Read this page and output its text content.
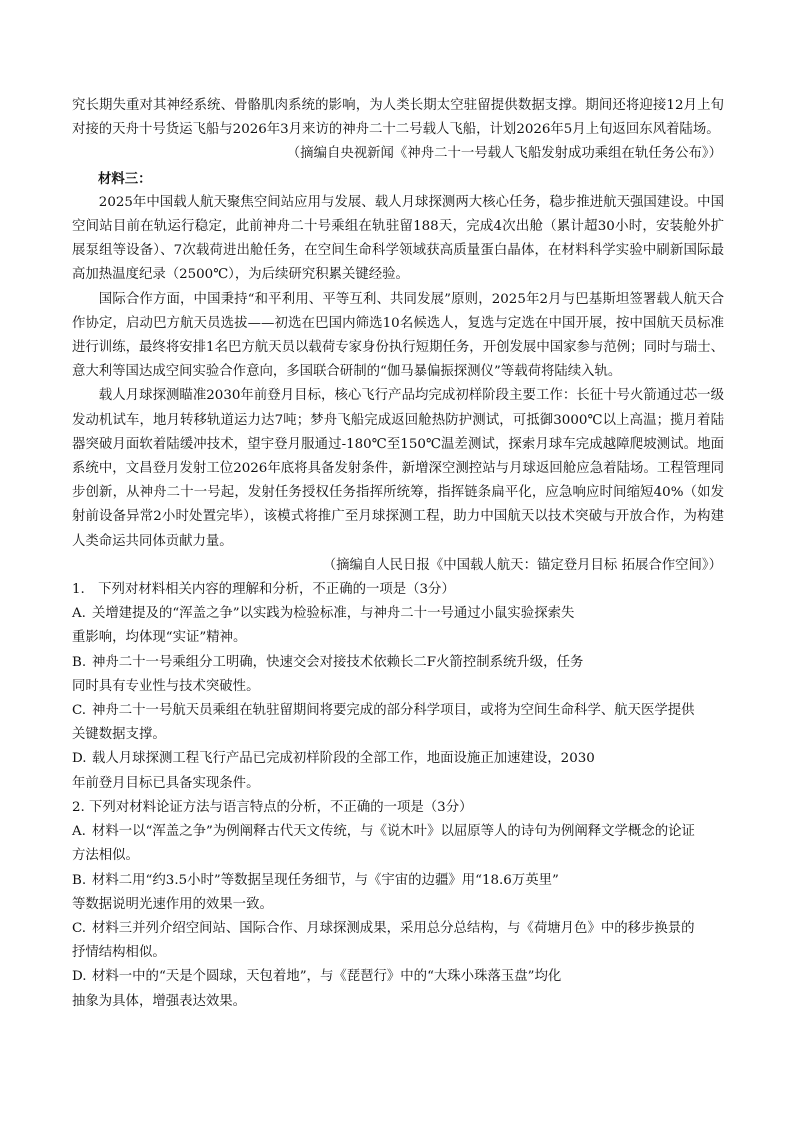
究长期失重对其神经系统、骨骼肌肉系统的影响，为人类长期太空驻留提供数据支撑。期间还将迎接12月上旬对接的天舟十号货运飞船与2026年3月来访的神舟二十二号载人飞船，计划2026年5月上旬返回东风着陆场。

（摘编自央视新闻《神舟二十一号载人飞船发射成功乘组在轨任务公布》）

材料三：

2025年中国载人航天聚焦空间站应用与发展、载人月球探测两大核心任务，稳步推进航天强国建设。中国空间站目前在轨运行稳定，此前神舟二十号乘组在轨驻留188天，完成4次出舱（累计超30小时，安装舱外扩展泵组等设备）、7次载荷进出舱任务，在空间生命科学领域获高质量蛋白晶体，在材料科学实验中刷新国际最高加热温度纪录（2500℃），为后续研究积累关键经验。

国际合作方面，中国秉持“和平利用、平等互利、共同发展”原则，2025年2月与巴基斯坦签署载人航天合作协定，启动巴方航天员选拔——初选在巴国内筛选10名候选人，复选与定选在中国开展，按中国航天员标准进行训练，最终将安排1名巴方航天员以载荷专家身份执行短期任务，开创发展中国家参与范例；同时与瑞士、意大利等国达成空间实验合作意向，多国联合研制的“伽马暴偏振探测仪”等载荷将陆续入轨。

载人月球探测瞄准2030年前登月目标，核心飞行产品均完成初样阶段主要工作：长征十号火箭通过芯一级发动机试车，地月转移轨道运力达7吨；梦舟飞船完成返回舱热防护测试，可抵御3000℃以上高温；揽月着陆器突破月面软着陆缓冲技术，望宇登月服通过-180℃至150℃温差测试，探索月球车完成越障爬坡测试。地面系统中，文昌登月发射工位2026年底将具备发射条件，新增深空测控站与月球返回舱应急着陆场。工程管理同步创新，从神舟二十一号起，发射任务授权任务指挥所统筹，指挥链条扁平化，应急响应时间缩短40%（如发射前设备异常2小时处置完毕），该模式将推广至月球探测工程，助力中国航天以技术突破与开放合作，为构建人类命运共同体贡献力量。

（摘编自人民日报《中国载人航天：锚定登月目标 拓展合作空间》）

1.　下列对材料相关内容的理解和分析，不正确的一项是（3分）

A. 关增建提及的“浑盖之争”以实践为检验标准，与神舟二十一号通过小鼠实验探索失
重影响，均体现“实证”精神。

B. 神舟二十一号乘组分工明确，快速交会对接技术依赖长二F火箭控制系统升级，任务
同时具有专业性与技术突破性。

C. 神舟二十一号航天员乘组在轨驻留期间将要完成的部分科学项目，或将为空间生命科学、航天医学提供
关键数据支撑。

D. 载人月球探测工程飞行产品已完成初样阶段的全部工作，地面设施正加速建设，2030
年前登月目标已具备实现条件。

2. 下列对材料论证方法与语言特点的分析，不正确的一项是（3分）

A. 材料一以“浑盖之争”为例阐释古代天文传统，与《说木叶》以屈原等人的诗句为例阐释文学概念的论证
方法相似。

B. 材料二用“约3.5小时”等数据呈现任务细节，与《宇宙的边疆》用“18.6万英里”
等数据说明光速作用的效果一致。

C. 材料三并列介绍空间站、国际合作、月球探测成果，采用总分总结构，与《荷塘月色》中的移步换景的
抒情结构相似。

D. 材料一中的“天是个圆球，天包着地”，与《琵琶行》中的“大珠小珠落玉盘”均化
抽象为具体，增强表达效果。
